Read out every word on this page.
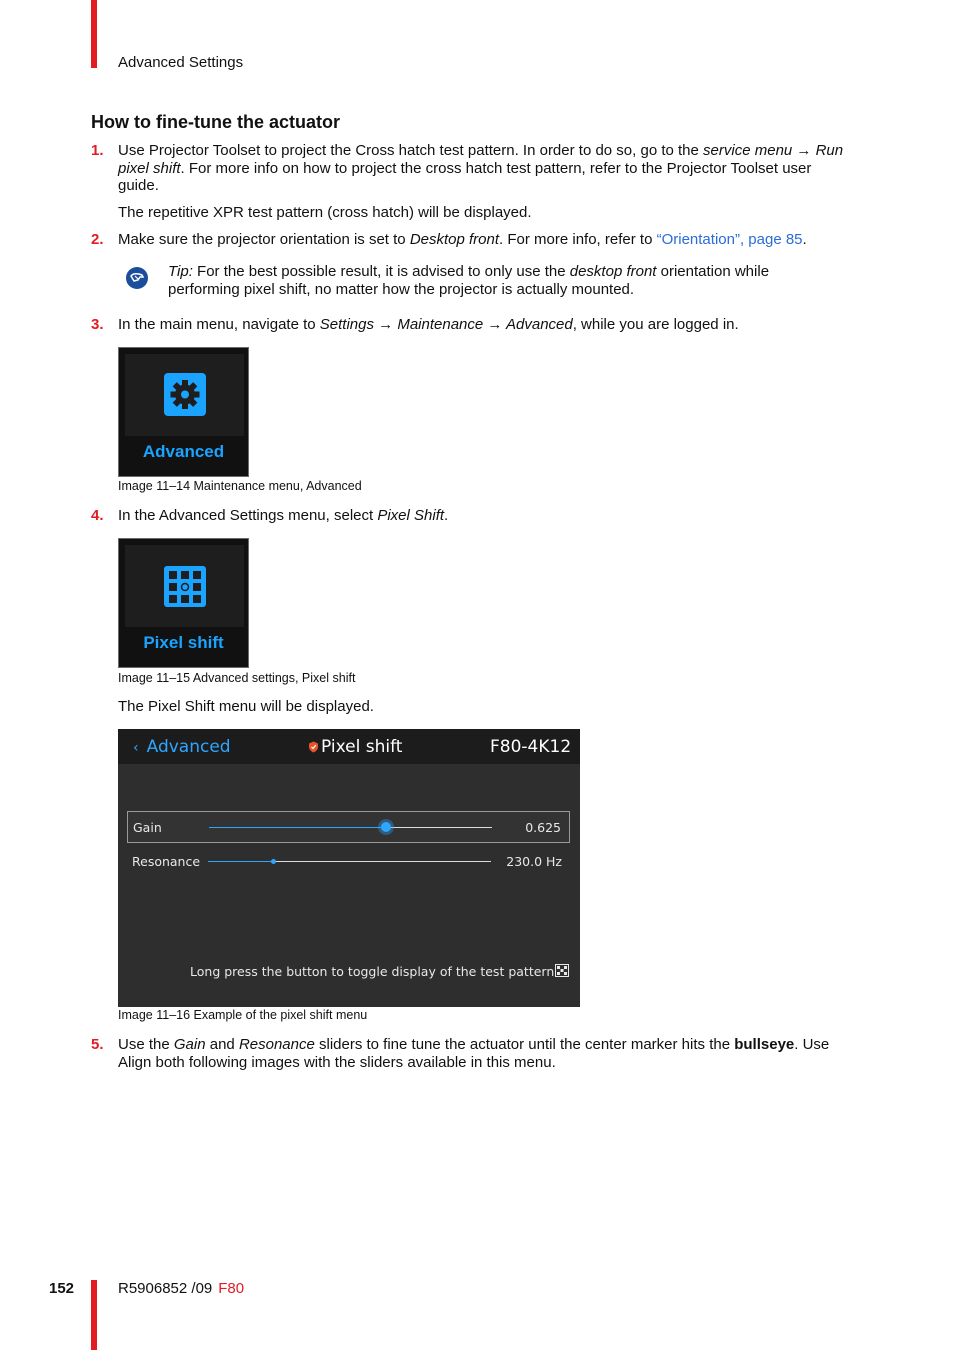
Advanced Settings
How to fine-tune the actuator
1. Use Projector Toolset to project the Cross hatch test pattern. In order to do so, go to the service menu → Run pixel shift. For more info on how to project the cross hatch test pattern, refer to the Projector Toolset user guide.
The repetitive XPR test pattern (cross hatch) will be displayed.
2. Make sure the projector orientation is set to Desktop front. For more info, refer to “Orientation”, page 85.
Tip: For the best possible result, it is advised to only use the desktop front orientation while performing pixel shift, no matter how the projector is actually mounted.
3. In the main menu, navigate to Settings → Maintenance → Advanced, while you are logged in.
Advanced
Image 11–14 Maintenance menu, Advanced
4. In the Advanced Settings menu, select Pixel Shift.
Pixel shift
Image 11–15 Advanced settings, Pixel shift
The Pixel Shift menu will be displayed.
‹ Advanced	Pixel shift	F80-4K12
Gain	0.625
Resonance	230.0 Hz
Long press the button to toggle display of the test pattern
Image 11–16 Example of the pixel shift menu
5. Use the Gain and Resonance sliders to fine tune the actuator until the center marker hits the bullseye. Use Align both following images with the sliders available in this menu.
152	R5906852 /09 F80
